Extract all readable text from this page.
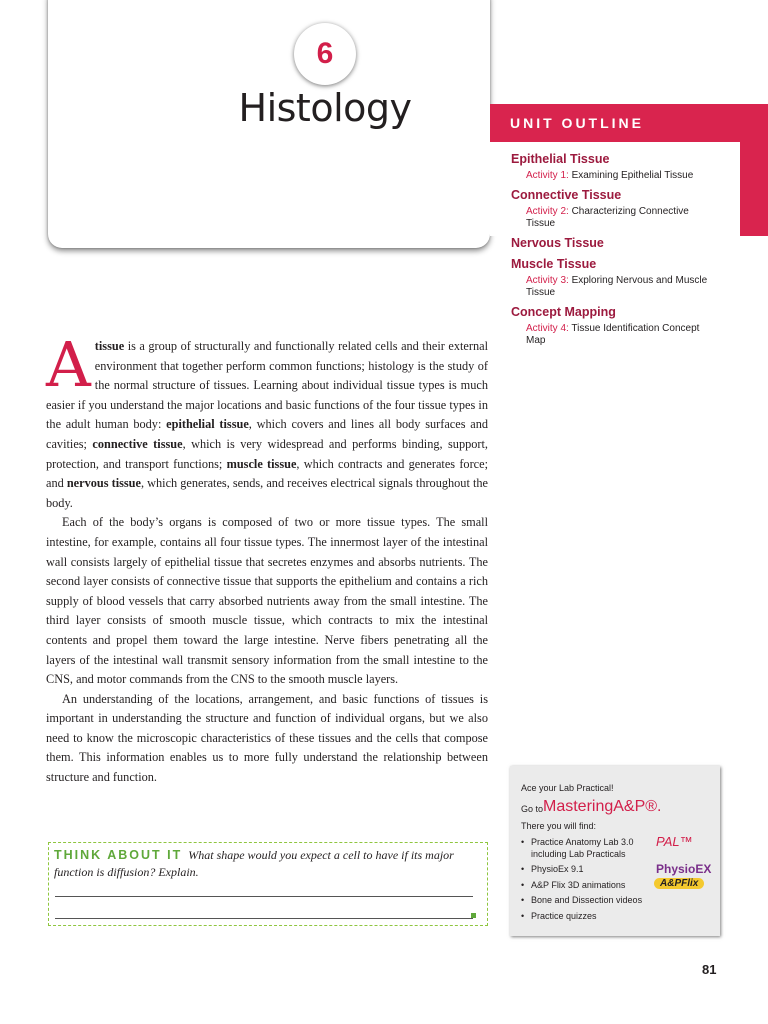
6
Histology	UNIT OUTLINE
Epithelial Tissue
Activity 1: Examining Epithelial Tissue
Connective Tissue
Activity 2: Characterizing Connective Tissue
Nervous Tissue
Muscle Tissue
Activity 3: Exploring Nervous and Muscle Tissue
Concept Mapping
Activity 4: Tissue Identification Concept Map

A tissue is a group of structurally and functionally related cells and their external environment that together perform common functions; histology is the study of the normal structure of tissues. Learning about individual tissue types is much easier if you understand the major locations and basic functions of the four tissue types in the adult human body: epithelial tissue, which covers and lines all body surfaces and cavities; connective tissue, which is very widespread and performs binding, support, protection, and transport functions; muscle tissue, which contracts and generates force; and nervous tissue, which generates, sends, and receives electrical signals throughout the body.

Each of the body’s organs is composed of two or more tissue types. The small intestine, for example, contains all four tissue types. The innermost layer of the intestinal wall consists largely of epithelial tissue that secretes enzymes and absorbs nutrients. The second layer consists of connective tissue that supports the epithelium and contains a rich supply of blood vessels that carry absorbed nutrients away from the small intestine. The third layer consists of smooth muscle tissue, which contracts to mix the intestinal contents and propel them toward the large intestine. Nerve fibers penetrating all the layers of the intestinal wall transmit sensory information from the small intestine to the CNS, and motor commands from the CNS to the smooth muscle layers.

An understanding of the locations, arrangement, and basic functions of tissues is important in understanding the structure and function of individual organs, but we also need to know the microscopic characteristics of these tissues and the cells that compose them. This information enables us to more fully understand the relationship between structure and function.

THINK ABOUT IT What shape would you expect a cell to have if its major function is diffusion? Explain.
Ace your Lab Practical!
Go to MasteringA&P®.
There you will find:
• Practice Anatomy Lab 3.0 including Lab Practicals
• PhysioEx 9.1
• A&P Flix 3D animations
• Bone and Dissection videos
• Practice quizzes
PAL™
PhysioEX
A&PFlix
81
